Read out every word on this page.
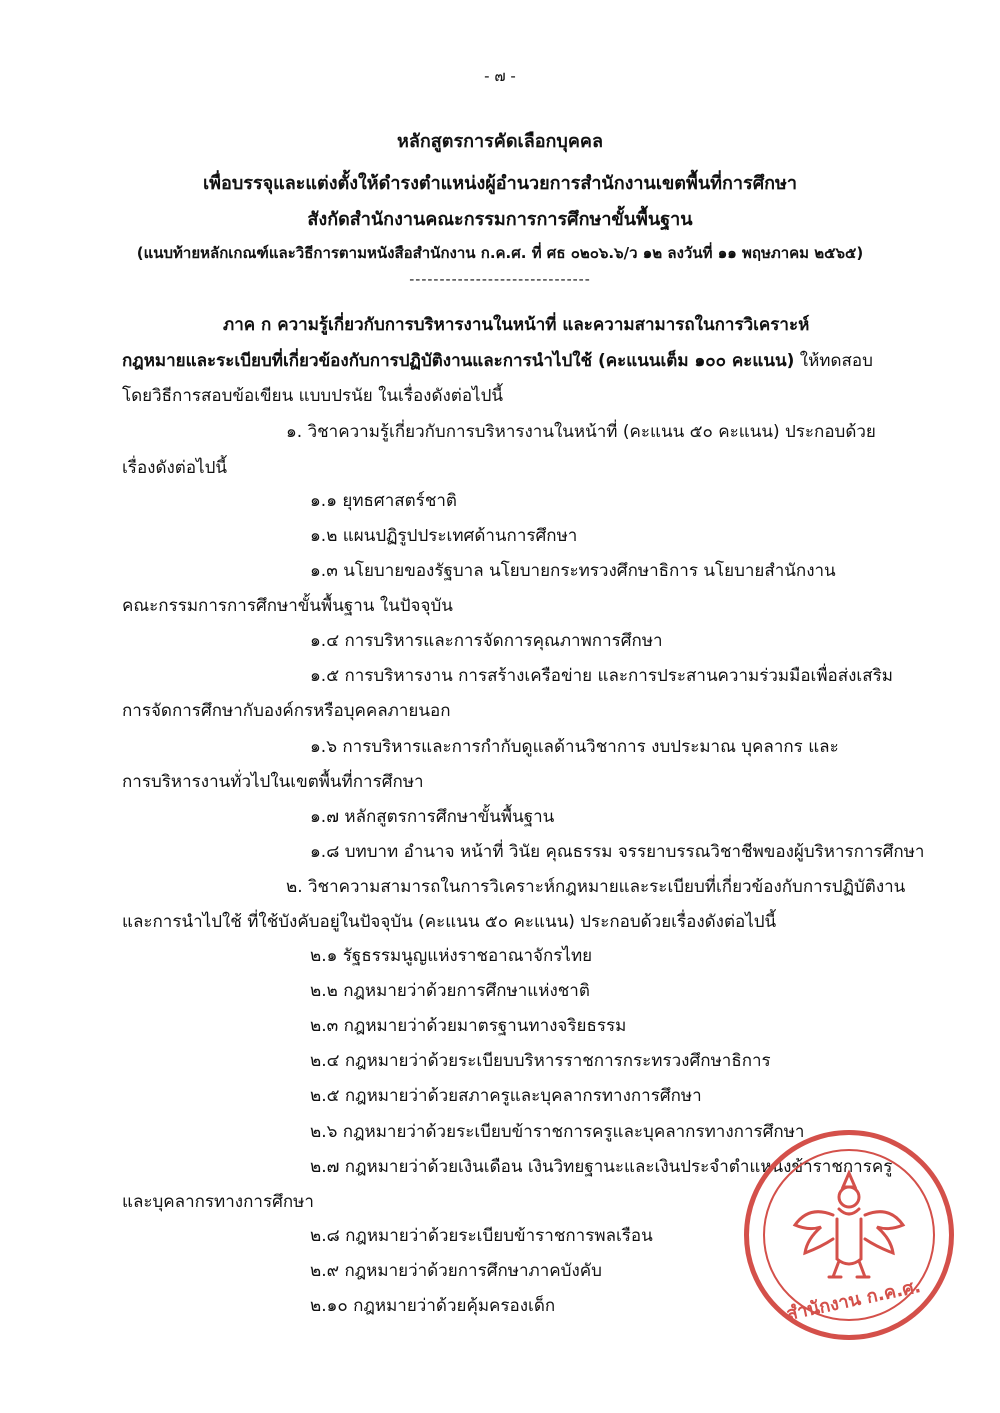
- ๗ -
หลักสูตรการคัดเลือกบุคคล
เพื่อบรรจุและแต่งตั้งให้ดำรงตำแหน่งผู้อำนวยการสำนักงานเขตพื้นที่การศึกษา
สังกัดสำนักงานคณะกรรมการการศึกษาขั้นพื้นฐาน
(แนบท้ายหลักเกณฑ์และวิธีการตามหนังสือสำนักงาน ก.ค.ศ. ที่ ศธ ๐๒๐๖.๖/ว ๑๒ ลงวันที่ ๑๑ พฤษภาคม ๒๕๖๕)
------------------------------
ภาค ก ความรู้เกี่ยวกับการบริหารงานในหน้าที่ และความสามารถในการวิเคราะห์
กฎหมายและระเบียบที่เกี่ยวข้องกับการปฏิบัติงานและการนำไปใช้ (คะแนนเต็ม ๑๐๐ คะแนน) ให้ทดสอบ
โดยวิธีการสอบข้อเขียน แบบปรนัย ในเรื่องดังต่อไปนี้
๑. วิชาความรู้เกี่ยวกับการบริหารงานในหน้าที่ (คะแนน ๕๐ คะแนน) ประกอบด้วย
เรื่องดังต่อไปนี้
๑.๑ ยุทธศาสตร์ชาติ
๑.๒ แผนปฏิรูปประเทศด้านการศึกษา
๑.๓ นโยบายของรัฐบาล นโยบายกระทรวงศึกษาธิการ นโยบายสำนักงาน
คณะกรรมการการศึกษาขั้นพื้นฐาน ในปัจจุบัน
๑.๔ การบริหารและการจัดการคุณภาพการศึกษา
๑.๕ การบริหารงาน การสร้างเครือข่าย และการประสานความร่วมมือเพื่อส่งเสริม
การจัดการศึกษากับองค์กรหรือบุคคลภายนอก
๑.๖ การบริหารและการกำกับดูแลด้านวิชาการ งบประมาณ บุคลากร และ
การบริหารงานทั่วไปในเขตพื้นที่การศึกษา
๑.๗ หลักสูตรการศึกษาขั้นพื้นฐาน
๑.๘ บทบาท อำนาจ หน้าที่ วินัย คุณธรรม จรรยาบรรณวิชาชีพของผู้บริหารการศึกษา
๒. วิชาความสามารถในการวิเคราะห์กฎหมายและระเบียบที่เกี่ยวข้องกับการปฏิบัติงาน
และการนำไปใช้ ที่ใช้บังคับอยู่ในปัจจุบัน (คะแนน ๕๐ คะแนน) ประกอบด้วยเรื่องดังต่อไปนี้
๒.๑ รัฐธรรมนูญแห่งราชอาณาจักรไทย
๒.๒ กฎหมายว่าด้วยการศึกษาแห่งชาติ
๒.๓ กฎหมายว่าด้วยมาตรฐานทางจริยธรรม
๒.๔ กฎหมายว่าด้วยระเบียบบริหารราชการกระทรวงศึกษาธิการ
๒.๕ กฎหมายว่าด้วยสภาครูและบุคลากรทางการศึกษา
๒.๖ กฎหมายว่าด้วยระเบียบข้าราชการครูและบุคลากรทางการศึกษา
๒.๗ กฎหมายว่าด้วยเงินเดือน เงินวิทยฐานะและเงินประจำตำแหน่งข้าราชการครู
และบุคลากรทางการศึกษา
๒.๘ กฎหมายว่าด้วยระเบียบข้าราชการพลเรือน
๒.๙ กฎหมายว่าด้วยการศึกษาภาคบังคับ
๒.๑๐ กฎหมายว่าด้วยคุ้มครองเด็ก	สำนักงาน ก.ค.ศ.
